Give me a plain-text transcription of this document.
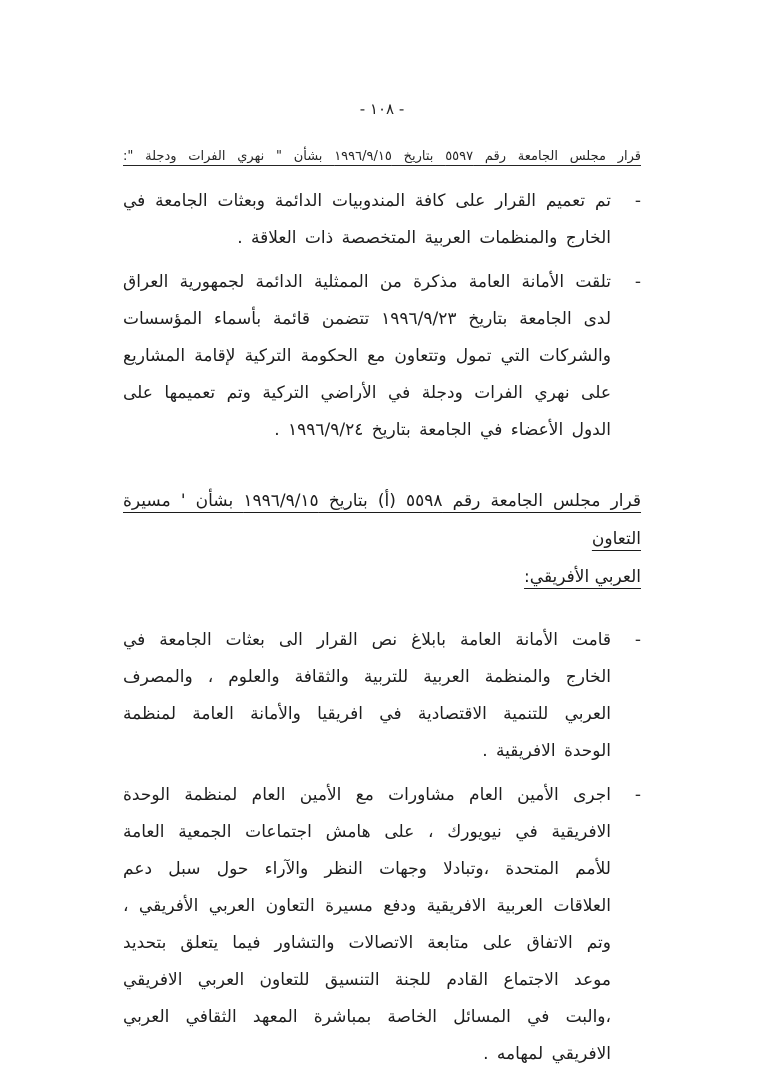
- ١٠٨ -
قرار مجلس الجامعة رقم ٥٥٩٧ بتاريخ ١٩٩٦/٩/١٥ بشأن " نهري الفرات ودجلة ":
-
تم تعميم القرار على كافة المندوبيات الدائمة وبعثات الجامعة في الخارج والمنظمات العربية المتخصصة ذات العلاقة .
-
تلقت الأمانة العامة مذكرة من الممثلية الدائمة لجمهورية العراق لدى الجامعة بتاريخ ١٩٩٦/٩/٢٣ تتضمن قائمة بأسماء المؤسسات والشركات التي تمول وتتعاون مع الحكومة التركية لإقامة المشاريع على نهري الفرات ودجلة في الأراضي التركية وتم تعميمها على الدول الأعضاء في الجامعة بتاريخ ١٩٩٦/٩/٢٤ .
قرار مجلس الجامعة رقم ٥٥٩٨ (أ) بتاريخ ١٩٩٦/٩/١٥ بشأن ' مسيرة التعاون
العربي الأفريقي:
-
قامت الأمانة العامة بابلاغ نص القرار الى بعثات الجامعة في الخارج والمنظمة العربية للتربية والثقافة والعلوم ، والمصرف العربي للتنمية الاقتصادية في افريقيا والأمانة العامة لمنظمة الوحدة الافريقية .
-
اجرى الأمين العام مشاورات مع الأمين العام لمنظمة الوحدة الافريقية في نيويورك ، على هامش اجتماعات الجمعية العامة للأمم المتحدة ،وتبادلا وجهات النظر والآراء حول سبل دعم العلاقات العربية الافريقية ودفع مسيرة التعاون العربي الأفريقي ، وتم الاتفاق على متابعة الاتصالات والتشاور فيما يتعلق بتحديد موعد الاجتماع القادم للجنة التنسيق للتعاون العربي الافريقي ،والبت في المسائل الخاصة بمباشرة المعهد الثقافي العربي الافريقي لمهامه .
